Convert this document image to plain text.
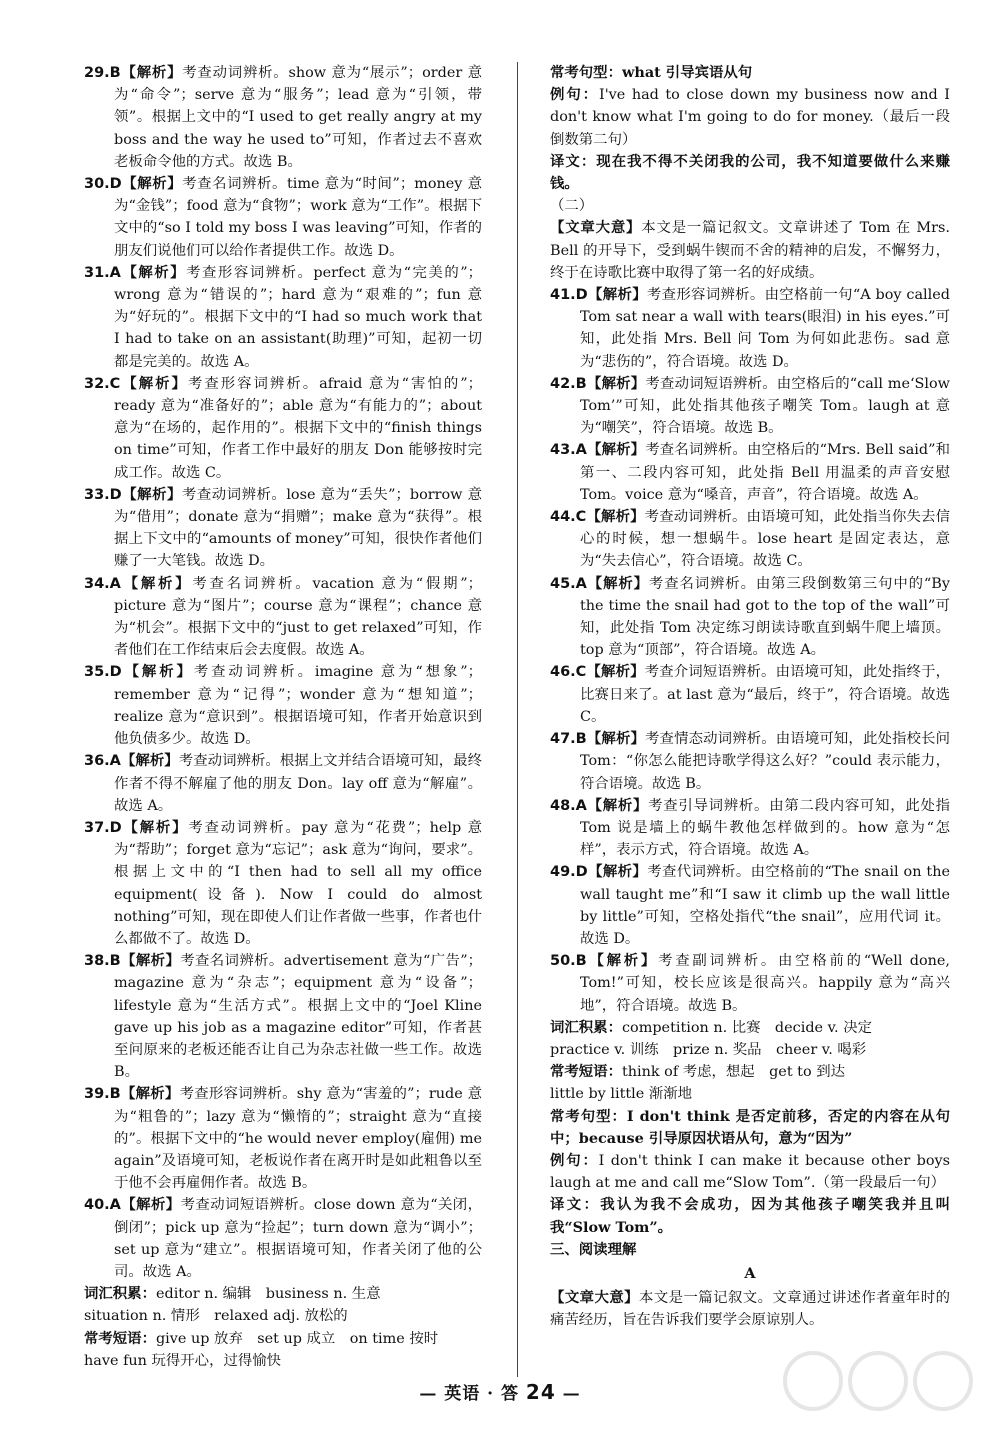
29.B【解析】考查动词辨析。show 意为“展示”；order 意为“命令”；serve 意为“服务”；lead 意为“引领，带领”。根据上文中的“I used to get really angry at my boss and the way he used to”可知，作者过去不喜欢老板命令他的方式。故选 B。

30.D【解析】考查名词辨析。time 意为“时间”；money 意为“金钱”；food 意为“食物”；work 意为“工作”。根据下文中的“so I told my boss I was leaving”可知，作者的朋友们说他们可以给作者提供工作。故选 D。

31.A【解析】考查形容词辨析。perfect 意为“完美的”；wrong 意为“错误的”；hard 意为“艰难的”；fun 意为“好玩的”。根据下文中的“I had so much work that I had to take on an assistant(助理)”可知，起初一切都是完美的。故选 A。

32.C【解析】考查形容词辨析。afraid 意为“害怕的”；ready 意为“准备好的”；able 意为“有能力的”；about 意为“在场的，起作用的”。根据下文中的“finish things on time”可知，作者工作中最好的朋友 Don 能够按时完成工作。故选 C。

33.D【解析】考查动词辨析。lose 意为“丢失”；borrow 意为“借用”；donate 意为“捐赠”；make 意为“获得”。根据上下文中的“amounts of money”可知，很快作者他们赚了一大笔钱。故选 D。

34.A【解析】考查名词辨析。vacation 意为“假期”；picture 意为“图片”；course 意为“课程”；chance 意为“机会”。根据下文中的“just to get relaxed”可知，作者他们在工作结束后会去度假。故选 A。

35.D【解析】考查动词辨析。imagine 意为“想象”；remember 意为“记得”；wonder 意为“想知道”；realize 意为“意识到”。根据语境可知，作者开始意识到他负债多少。故选 D。

36.A【解析】考查动词辨析。根据上文并结合语境可知，最终作者不得不解雇了他的朋友 Don。lay off 意为“解雇”。故选 A。

37.D【解析】考查动词辨析。pay 意为“花费”；help 意为“帮助”；forget 意为“忘记”；ask 意为“询问，要求”。根据上文中的“I then had to sell all my office equipment(设备). Now I could do almost nothing”可知，现在即使人们让作者做一些事，作者也什么都做不了。故选 D。

38.B【解析】考查名词辨析。advertisement 意为“广告”；magazine 意为“杂志”；equipment 意为“设备”；lifestyle 意为“生活方式”。根据上文中的“Joel Kline gave up his job as a magazine editor”可知，作者甚至问原来的老板还能否让自己为杂志社做一些工作。故选 B。

39.B【解析】考查形容词辨析。shy 意为“害羞的”；rude 意为“粗鲁的”；lazy 意为“懒惰的”；straight 意为“直接的”。根据下文中的“he would never employ(雇佣) me again”及语境可知，老板说作者在离开时是如此粗鲁以至于他不会再雇佣作者。故选 B。

40.A【解析】考查动词短语辨析。close down 意为“关闭，倒闭”；pick up 意为“捡起”；turn down 意为“调小”；set up 意为“建立”。根据语境可知，作者关闭了他的公司。故选 A。

词汇积累：editor n. 编辑　business n. 生意

situation n. 情形　relaxed adj. 放松的

常考短语：give up 放弃　set up 成立　on time 按时

have fun 玩得开心，过得愉快

常考句型：what 引导宾语从句

例句：I've had to close down my business now and I don't know what I'm going to do for money.（最后一段倒数第二句）

译文：现在我不得不关闭我的公司，我不知道要做什么来赚钱。

（二）

【文章大意】本文是一篇记叙文。文章讲述了 Tom 在 Mrs. Bell 的开导下，受到蜗牛锲而不舍的精神的启发，不懈努力，终于在诗歌比赛中取得了第一名的好成绩。

41.D【解析】考查形容词辨析。由空格前一句“A boy called Tom sat near a wall with tears(眼泪) in his eyes.”可知，此处指 Mrs. Bell 问 Tom 为何如此悲伤。sad 意为“悲伤的”，符合语境。故选 D。

42.B【解析】考查动词短语辨析。由空格后的“call me‘Slow Tom’”可知，此处指其他孩子嘲笑 Tom。laugh at 意为“嘲笑”，符合语境。故选 B。

43.A【解析】考查名词辨析。由空格后的“Mrs. Bell said”和第一、二段内容可知，此处指 Bell 用温柔的声音安慰 Tom。voice 意为“嗓音，声音”，符合语境。故选 A。

44.C【解析】考查动词辨析。由语境可知，此处指当你失去信心的时候，想一想蜗牛。lose heart 是固定表达，意为“失去信心”，符合语境。故选 C。

45.A【解析】考查名词辨析。由第三段倒数第三句中的“By the time the snail had got to the top of the wall”可知，此处指 Tom 决定练习朗读诗歌直到蜗牛爬上墙顶。top 意为“顶部”，符合语境。故选 A。

46.C【解析】考查介词短语辨析。由语境可知，此处指终于，比赛日来了。at last 意为“最后，终于”，符合语境。故选 C。

47.B【解析】考查情态动词辨析。由语境可知，此处指校长问 Tom：“你怎么能把诗歌学得这么好？”could 表示能力，符合语境。故选 B。

48.A【解析】考查引导词辨析。由第二段内容可知，此处指 Tom 说是墙上的蜗牛教他怎样做到的。how 意为“怎样”，表示方式，符合语境。故选 A。

49.D【解析】考查代词辨析。由空格前的“The snail on the wall taught me”和“I saw it climb up the wall little by little”可知，空格处指代“the snail”，应用代词 it。故选 D。

50.B【解析】考查副词辨析。由空格前的“Well done, Tom!”可知，校长应该是很高兴。happily 意为“高兴地”，符合语境。故选 B。

词汇积累：competition n. 比赛　decide v. 决定

practice v. 训练　prize n. 奖品　cheer v. 喝彩

常考短语：think of 考虑，想起　get to 到达

little by little 渐渐地

常考句型：I don't think 是否定前移，否定的内容在从句中；because 引导原因状语从句，意为“因为”

例句：I don't think I can make it because other boys laugh at me and call me“Slow Tom”.（第一段最后一句）

译文：我认为我不会成功，因为其他孩子嘲笑我并且叫我“Slow Tom”。

三、阅读理解

A

【文章大意】本文是一篇记叙文。文章通过讲述作者童年时的痛苦经历，旨在告诉我们要学会原谅别人。

— 英语 · 答 24 —
